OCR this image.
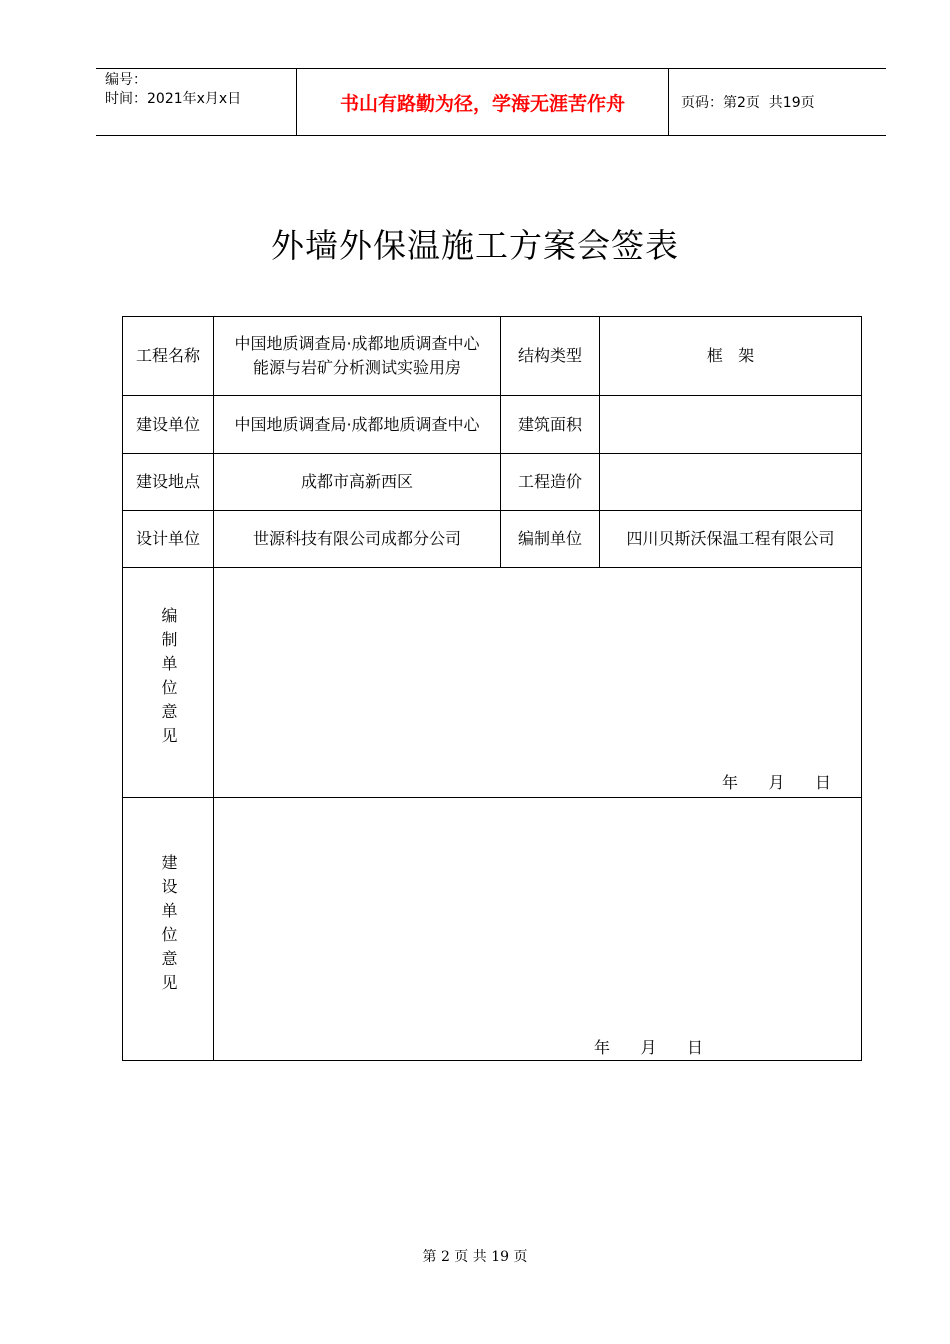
编号：
时间：2021年x月x日	书山有路勤为径，学海无涯苦作舟	页码：第2页  共19页
外墙外保温施工方案会签表
工程名称	中国地质调查局·成都地质调查中心
能源与岩矿分析测试实验用房	结构类型	框   架
建设单位	中国地质调查局·成都地质调查中心	建筑面积	
建设地点	成都市高新西区	工程造价	
设计单位	世源科技有限公司成都分公司	编制单位	四川贝斯沃保温工程有限公司
编制单位意见	年      月      日		

建设单位意见	年      月      日		
第 2 页 共 19 页
